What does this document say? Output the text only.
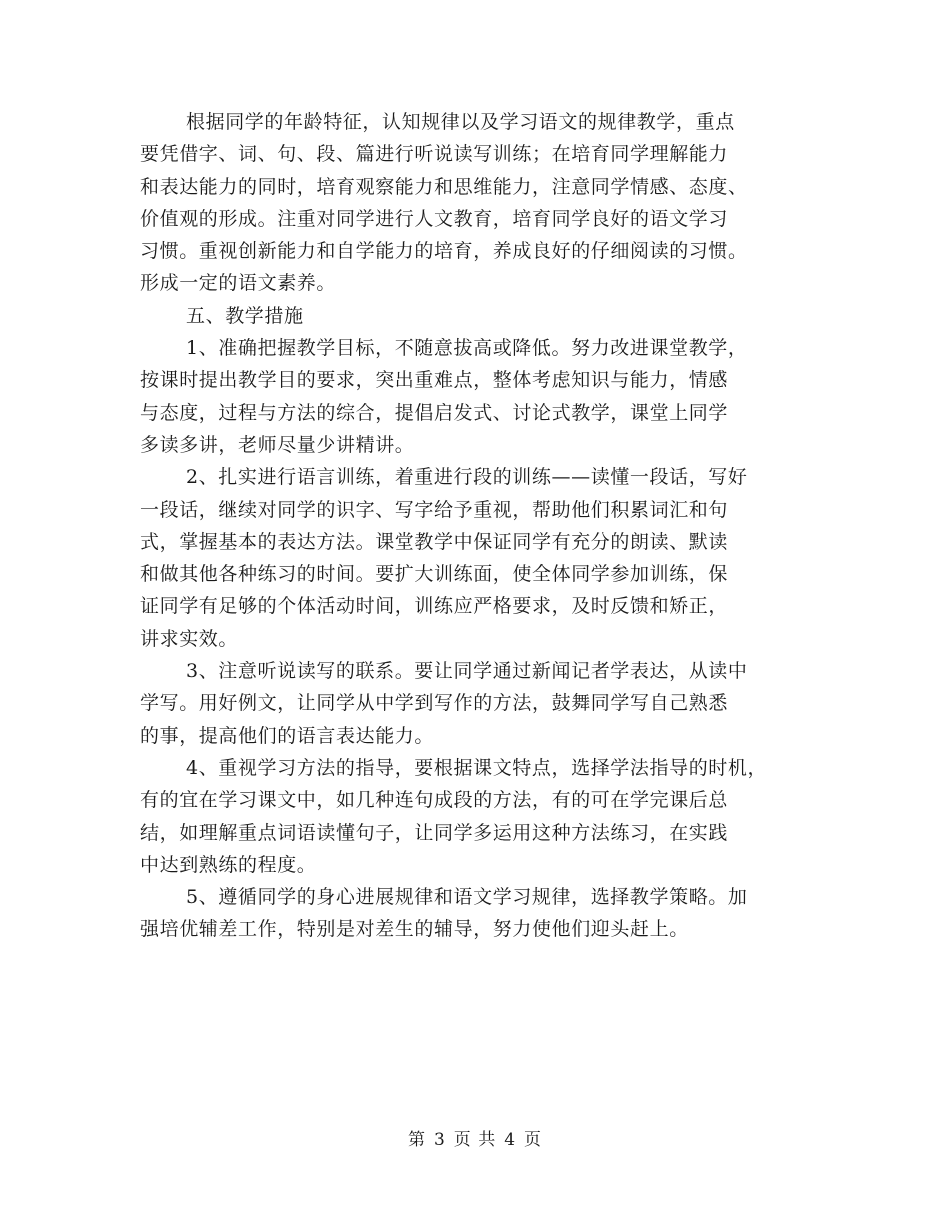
根据同学的年龄特征，认知规律以及学习语文的规律教学，重点
要凭借字、词、句、段、篇进行听说读写训练；在培育同学理解能力
和表达能力的同时，培育观察能力和思维能力，注意同学情感、态度、
价值观的形成。注重对同学进行人文教育，培育同学良好的语文学习
习惯。重视创新能力和自学能力的培育，养成良好的仔细阅读的习惯。
形成一定的语文素养。

五、教学措施

1、准确把握教学目标，不随意拔高或降低。努力改进课堂教学，
按课时提出教学目的要求，突出重难点，整体考虑知识与能力，情感
与态度，过程与方法的综合，提倡启发式、讨论式教学，课堂上同学
多读多讲，老师尽量少讲精讲。

2、扎实进行语言训练，着重进行段的训练——读懂一段话，写好
一段话，继续对同学的识字、写字给予重视，帮助他们积累词汇和句
式，掌握基本的表达方法。课堂教学中保证同学有充分的朗读、默读
和做其他各种练习的时间。要扩大训练面，使全体同学参加训练，保
证同学有足够的个体活动时间，训练应严格要求，及时反馈和矫正，
讲求实效。

3、注意听说读写的联系。要让同学通过新闻记者学表达，从读中
学写。用好例文，让同学从中学到写作的方法，鼓舞同学写自己熟悉
的事，提高他们的语言表达能力。

4、重视学习方法的指导，要根据课文特点，选择学法指导的时机，
有的宜在学习课文中，如几种连句成段的方法，有的可在学完课后总
结，如理解重点词语读懂句子，让同学多运用这种方法练习，在实践
中达到熟练的程度。

5、遵循同学的身心进展规律和语文学习规律，选择教学策略。加
强培优辅差工作，特别是对差生的辅导，努力使他们迎头赶上。

第 3 页 共 4 页
